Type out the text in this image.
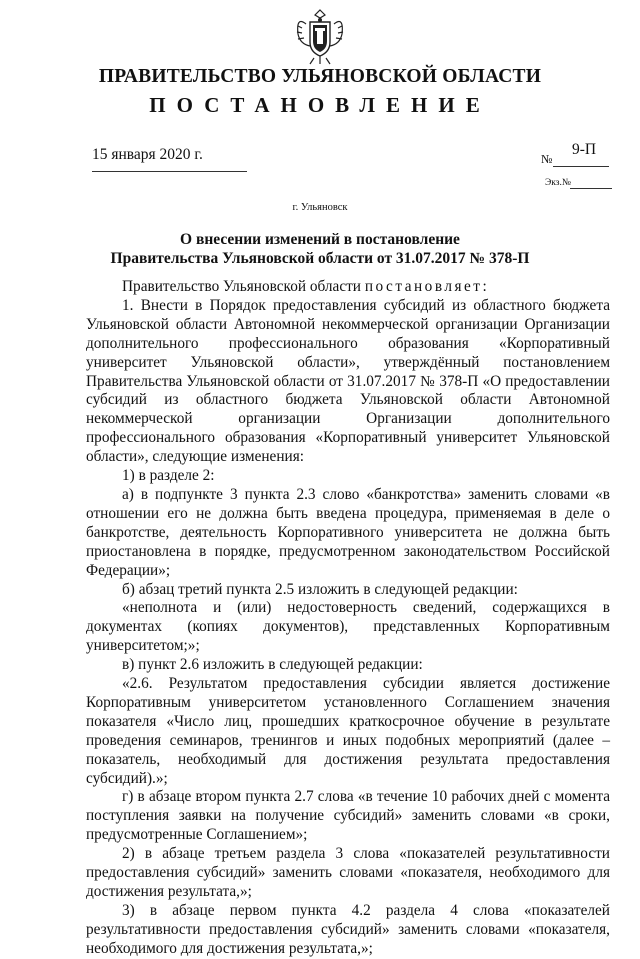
ПРАВИТЕЛЬСТВО УЛЬЯНОВСКОЙ ОБЛАСТИ
ПОСТАНОВЛЕНИЕ
15 января 2020 г.	№
9-П
Экз.№
г. Ульяновск
О внесении изменений в постановление
Правительства Ульяновской области от 31.07.2017 № 378-П

Правительство Ульяновской области постановляет:

1. Внести в Порядок предоставления субсидий из областного бюджета Ульяновской области Автономной некоммерческой организации Организации дополнительного профессионального образования «Корпоративный университет Ульяновской области», утверждённый постановлением Правительства Ульяновской области от 31.07.2017 № 378-П «О предоставлении субсидий из областного бюджета Ульяновской области Автономной некоммерческой организации Организации дополнительного профессионального образования «Корпоративный университет Ульяновской области», следующие изменения:

1) в разделе 2:

а) в подпункте 3 пункта 2.3 слово «банкротства» заменить словами «в отношении его не должна быть введена процедура, применяемая в деле о банкротстве, деятельность Корпоративного университета не должна быть приостановлена в порядке, предусмотренном законодательством Российской Федерации»;

б) абзац третий пункта 2.5 изложить в следующей редакции:

«неполнота и (или) недостоверность сведений, содержащихся в документах (копиях документов), представленных Корпоративным университетом;»;

в) пункт 2.6 изложить в следующей редакции:

«2.6. Результатом предоставления субсидии является достижение Корпоративным университетом установленного Соглашением значения показателя «Число лиц, прошедших краткосрочное обучение в результате проведения семинаров, тренингов и иных подобных мероприятий (далее – показатель, необходимый для достижения результата предоставления субсидий).»;

г) в абзаце втором пункта 2.7 слова «в течение 10 рабочих дней с момента поступления заявки на получение субсидий» заменить словами «в сроки, предусмотренные Соглашением»;

2) в абзаце третьем раздела 3 слова «показателей результативности предоставления субсидий» заменить словами «показателя, необходимого для достижения результата,»;

3) в абзаце первом пункта 4.2 раздела 4 слова «показателей результативности предоставления субсидий» заменить словами «показателя, необходимого для достижения результата,»;
